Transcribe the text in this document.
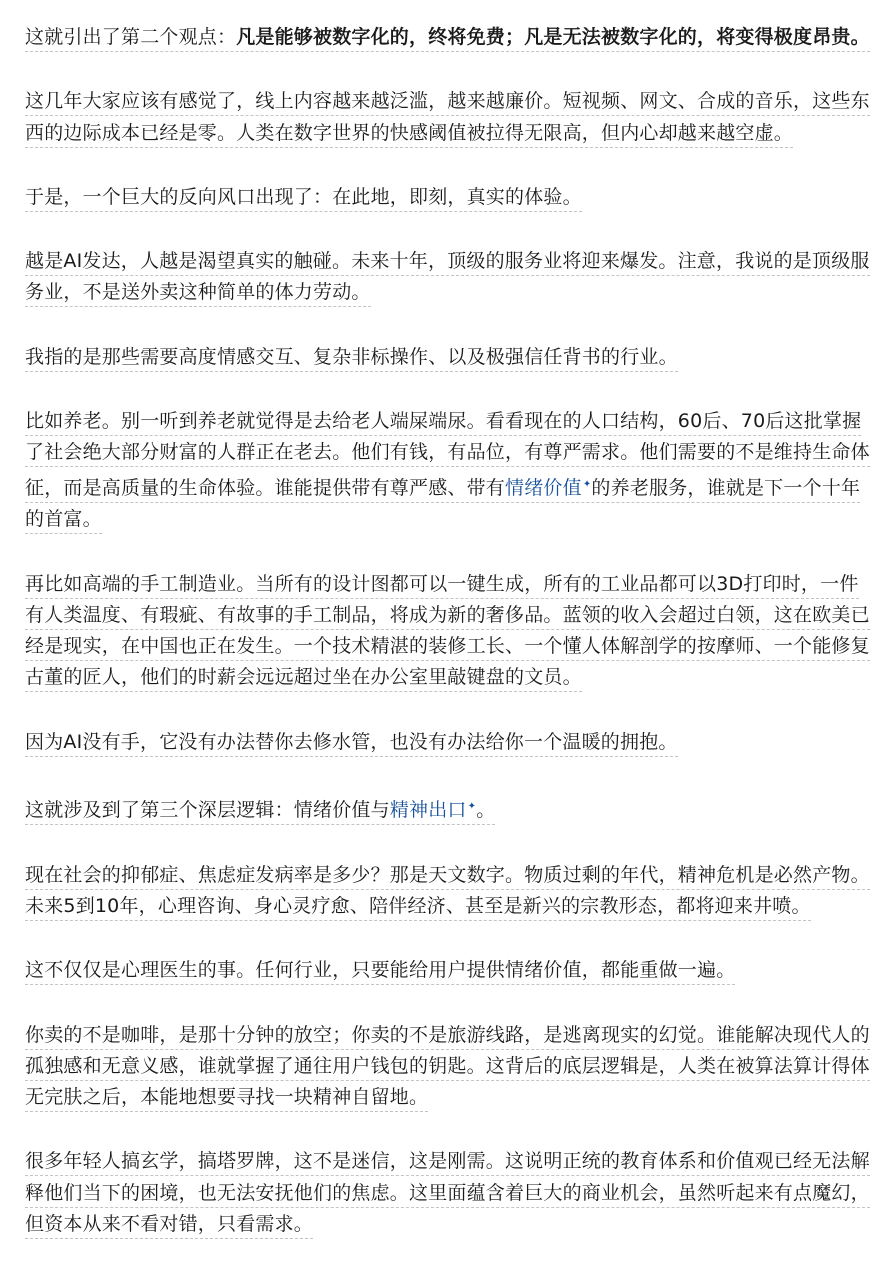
这就引出了第二个观点：凡是能够被数字化的，终将免费；凡是无法被数字化的，将变得极度昂贵。

这几年大家应该有感觉了，线上内容越来越泛滥，越来越廉价。短视频、网文、合成的音乐，这些东西的边际成本已经是零。人类在数字世界的快感阈值被拉得无限高，但内心却越来越空虚。

于是，一个巨大的反向风口出现了：在此地，即刻，真实的体验。

越是AI发达，人越是渴望真实的触碰。未来十年，顶级的服务业将迎来爆发。注意，我说的是顶级服务业，不是送外卖这种简单的体力劳动。

我指的是那些需要高度情感交互、复杂非标操作、以及极强信任背书的行业。

比如养老。别一听到养老就觉得是去给老人端屎端尿。看看现在的人口结构，60后、70后这批掌握了社会绝大部分财富的人群正在老去。他们有钱，有品位，有尊严需求。他们需要的不是维持生命体征，而是高质量的生命体验。谁能提供带有尊严感、带有情绪价值✦的养老服务，谁就是下一个十年的首富。

再比如高端的手工制造业。当所有的设计图都可以一键生成，所有的工业品都可以3D打印时，一件有人类温度、有瑕疵、有故事的手工制品，将成为新的奢侈品。蓝领的收入会超过白领，这在欧美已经是现实，在中国也正在发生。一个技术精湛的装修工长、一个懂人体解剖学的按摩师、一个能修复古董的匠人，他们的时薪会远远超过坐在办公室里敲键盘的文员。

因为AI没有手，它没有办法替你去修水管，也没有办法给你一个温暖的拥抱。

这就涉及到了第三个深层逻辑：情绪价值与精神出口✦。

现在社会的抑郁症、焦虑症发病率是多少？那是天文数字。物质过剩的年代，精神危机是必然产物。未来5到10年，心理咨询、身心灵疗愈、陪伴经济、甚至是新兴的宗教形态，都将迎来井喷。

这不仅仅是心理医生的事。任何行业，只要能给用户提供情绪价值，都能重做一遍。

你卖的不是咖啡，是那十分钟的放空；你卖的不是旅游线路，是逃离现实的幻觉。谁能解决现代人的孤独感和无意义感，谁就掌握了通往用户钱包的钥匙。这背后的底层逻辑是，人类在被算法算计得体无完肤之后，本能地想要寻找一块精神自留地。

很多年轻人搞玄学，搞塔罗牌，这不是迷信，这是刚需。这说明正统的教育体系和价值观已经无法解释他们当下的困境，也无法安抚他们的焦虑。这里面蕴含着巨大的商业机会，虽然听起来有点魔幻，但资本从来不看对错，只看需求。
